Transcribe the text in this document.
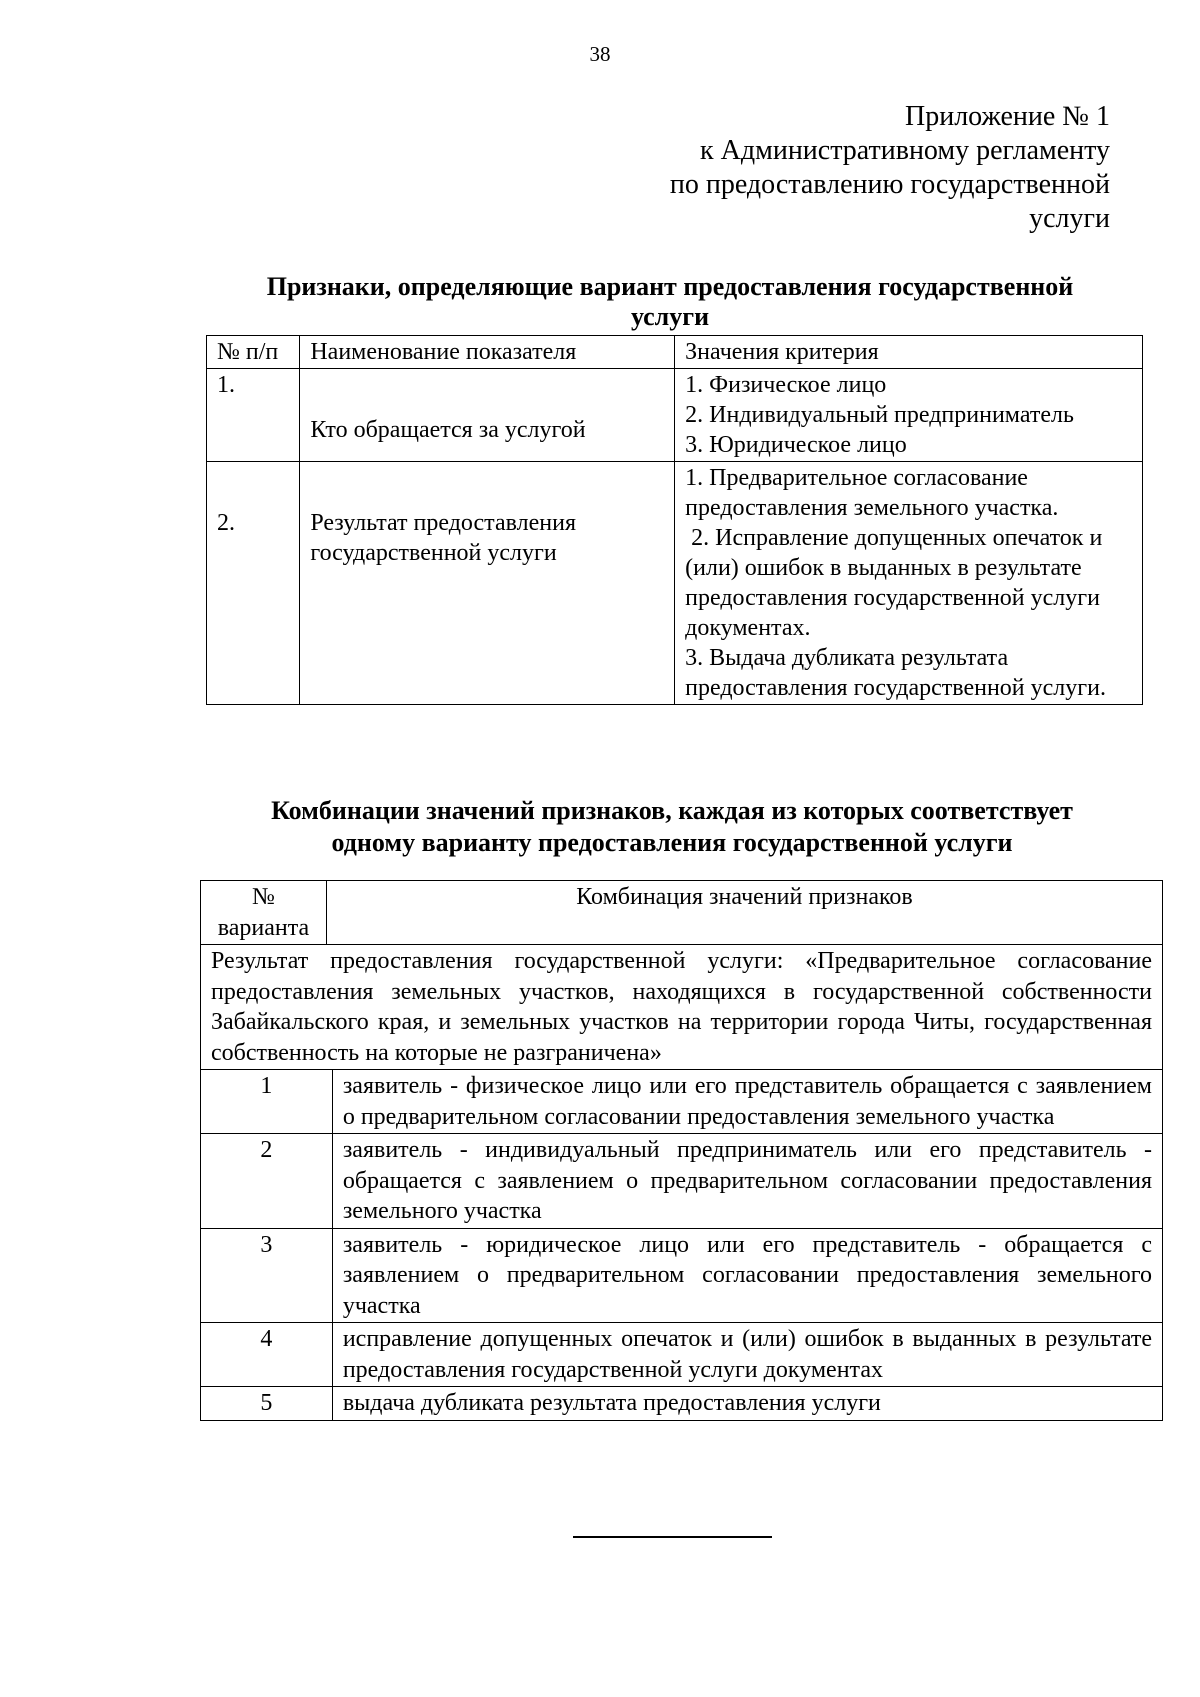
38
Приложение № 1
к Административному регламенту
по предоставлению государственной
услуги
Признаки, определяющие вариант предоставления государственной
услуги
№ п/п	Наименование показателя	Значения критерия
1.	Кто обращается за услугой	1. Физическое лицо
2. Индивидуальный предприниматель
3. Юридическое лицо

2.	Результат предоставления государственной услуги	1. Предварительное согласование предоставления земельного участка.
2. Исправление допущенных опечаток и (или) ошибок в выданных в результате предоставления государственной услуги документах.
3. Выдача дубликата результата предоставления государственной услуги.
Комбинации значений признаков, каждая из которых соответствует
одному варианту предоставления государственной услуги
№ варианта	Комбинация значений признаков	
Результат предоставления государственной услуги: «Предварительное согласование предоставления земельных участков, находящихся в государственной собственности Забайкальского края, и земельных участков на территории города Читы, государственная собственность на которые не разграничена»		
1		заявитель - физическое лицо или его представитель обращается с заявлением о предварительном согласовании предоставления земельного участка
2		заявитель - индивидуальный предприниматель или его представитель - обращается с заявлением о предварительном согласовании предоставления земельного участка
3		заявитель - юридическое лицо или его представитель - обращается с заявлением о предварительном согласовании предоставления земельного участка
4		исправление допущенных опечаток и (или) ошибок в выданных в результате предоставления государственной услуги документах
5		выдача дубликата результата предоставления услуги
